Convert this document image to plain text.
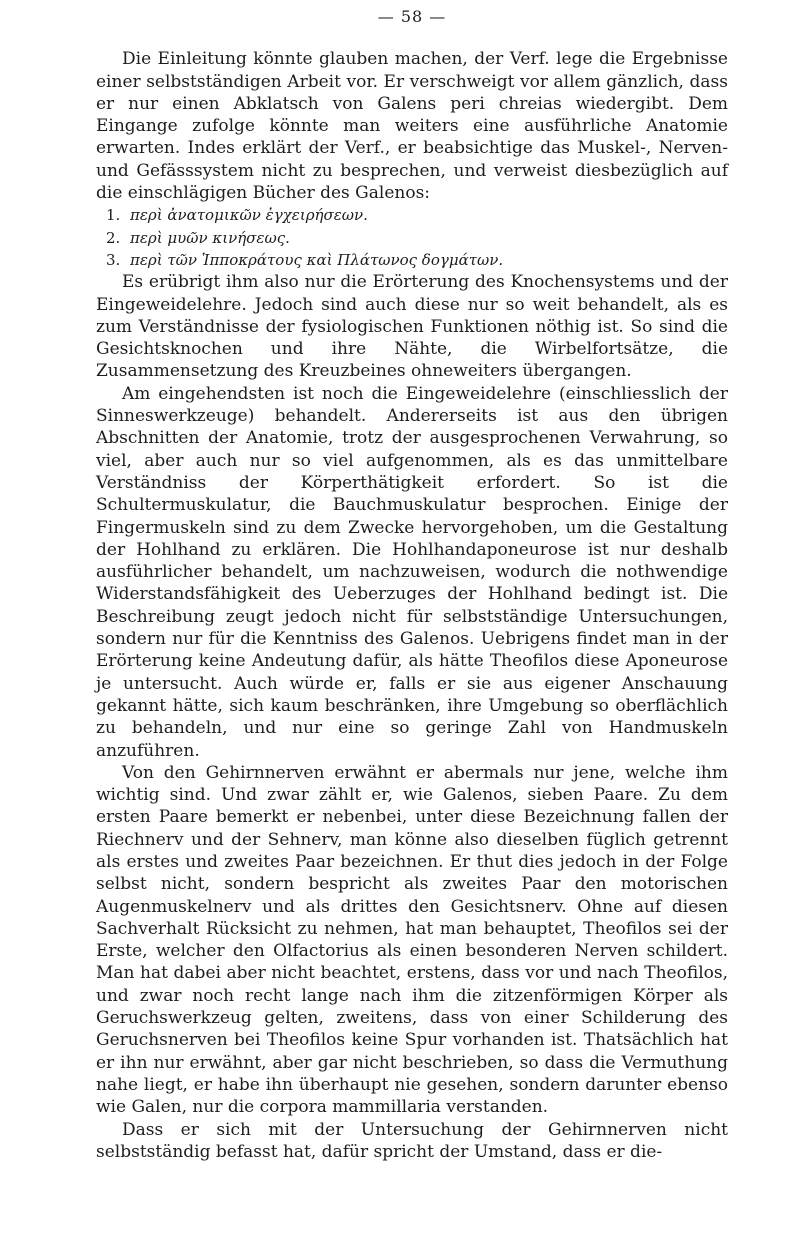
— 58 —

Die Einleitung könnte glauben machen, der Verf. lege die Ergebnisse einer selbstständigen Arbeit vor. Er verschweigt vor allem gänzlich, dass er nur einen Abklatsch von Galens peri chreias wiedergibt. Dem Eingange zufolge könnte man weiters eine ausführliche Anatomie erwarten. Indes erklärt der Verf., er beabsichtige das Muskel-, Nerven- und Gefässsystem nicht zu besprechen, und verweist diesbezüglich auf die einschlägigen Bücher des Galenos:

1. περὶ ἀνατομικῶν ἐγχειρήσεων.
2. περὶ μυῶν κινήσεως.
3. περὶ τῶν Ἱπποκράτους καὶ Πλάτωνος δογμάτων.

Es erübrigt ihm also nur die Erörterung des Knochensystems und der Eingeweidelehre. Jedoch sind auch diese nur so weit behandelt, als es zum Verständnisse der fysiologischen Funktionen nöthig ist. So sind die Gesichtsknochen und ihre Nähte, die Wirbelfortsätze, die Zusammensetzung des Kreuzbeines ohneweiters übergangen.

Am eingehendsten ist noch die Eingeweidelehre (einschliesslich der Sinneswerkzeuge) behandelt. Andererseits ist aus den übrigen Abschnitten der Anatomie, trotz der ausgesprochenen Verwahrung, so viel, aber auch nur so viel aufgenommen, als es das unmittelbare Verständniss der Körperthätigkeit erfordert. So ist die Schultermuskulatur, die Bauchmuskulatur besprochen. Einige der Fingermuskeln sind zu dem Zwecke hervorgehoben, um die Gestaltung der Hohlhand zu erklären. Die Hohlhandaponeurose ist nur deshalb ausführlicher behandelt, um nachzuweisen, wodurch die nothwendige Widerstandsfähigkeit des Ueberzuges der Hohlhand bedingt ist. Die Beschreibung zeugt jedoch nicht für selbstständige Untersuchungen, sondern nur für die Kenntniss des Galenos. Uebrigens findet man in der Erörterung keine Andeutung dafür, als hätte Theofilos diese Aponeurose je untersucht. Auch würde er, falls er sie aus eigener Anschauung gekannt hätte, sich kaum beschränken, ihre Umgebung so oberflächlich zu behandeln, und nur eine so geringe Zahl von Handmuskeln anzuführen.

Von den Gehirnnerven erwähnt er abermals nur jene, welche ihm wichtig sind. Und zwar zählt er, wie Galenos, sieben Paare. Zu dem ersten Paare bemerkt er nebenbei, unter diese Bezeichnung fallen der Riechnerv und der Sehnerv, man könne also dieselben füglich getrennt als erstes und zweites Paar bezeichnen. Er thut dies jedoch in der Folge selbst nicht, sondern bespricht als zweites Paar den motorischen Augenmuskelnerv und als drittes den Gesichtsnerv. Ohne auf diesen Sachverhalt Rücksicht zu nehmen, hat man behauptet, Theofilos sei der Erste, welcher den Olfactorius als einen besonderen Nerven schildert. Man hat dabei aber nicht beachtet, erstens, dass vor und nach Theofilos, und zwar noch recht lange nach ihm die zitzenförmigen Körper als Geruchswerkzeug gelten, zweitens, dass von einer Schilderung des Geruchsnerven bei Theofilos keine Spur vorhanden ist. Thatsächlich hat er ihn nur erwähnt, aber gar nicht beschrieben, so dass die Vermuthung nahe liegt, er habe ihn überhaupt nie gesehen, sondern darunter ebenso wie Galen, nur die corpora mammillaria verstanden.

Dass er sich mit der Untersuchung der Gehirnnerven nicht selbstständig befasst hat, dafür spricht der Umstand, dass er die-
